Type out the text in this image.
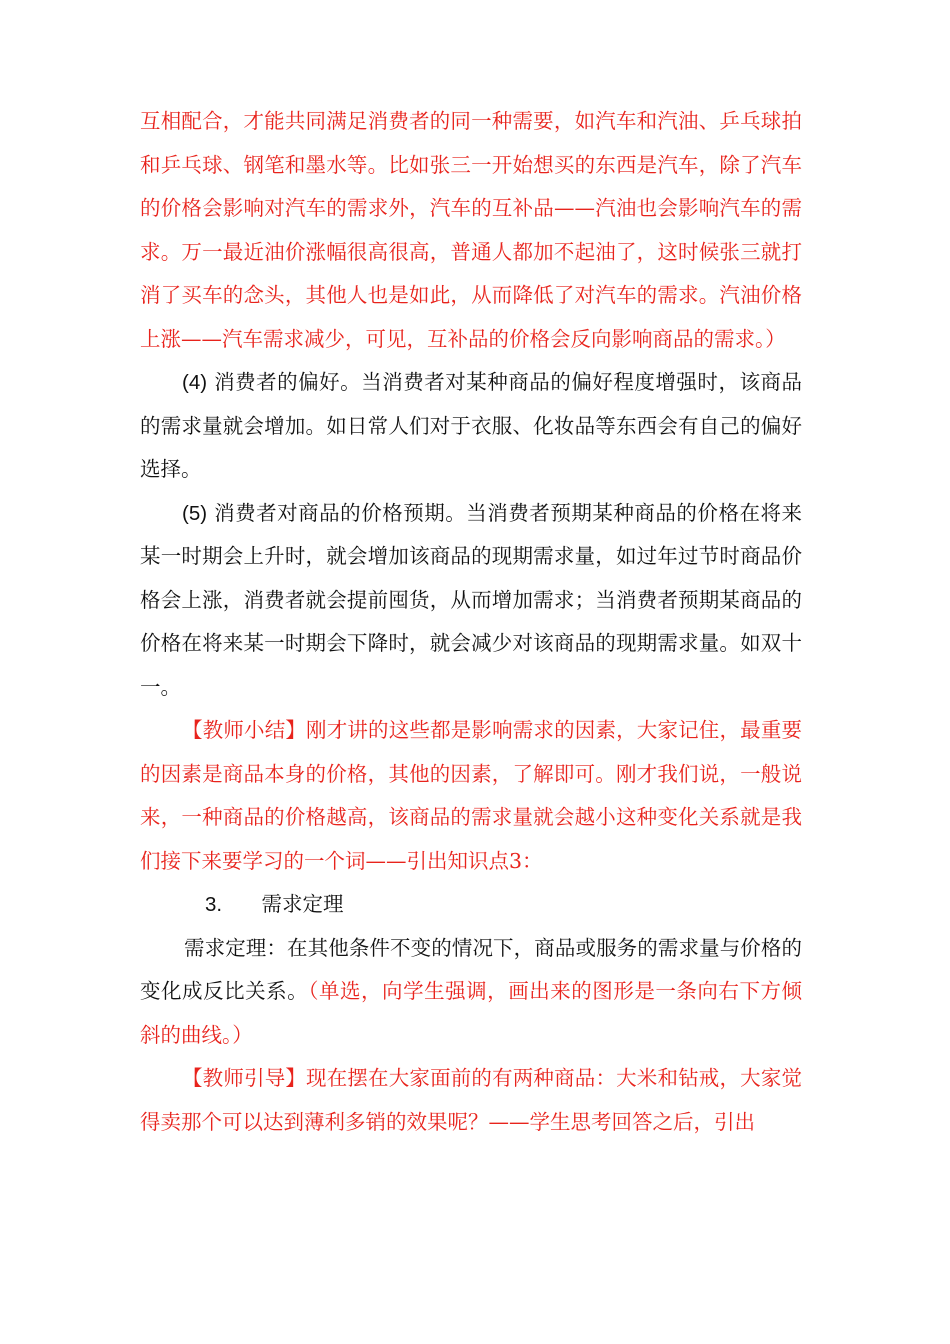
互相配合，才能共同满足消费者的同一种需要，如汽车和汽油、乒乓球拍和乒乓球、钢笔和墨水等。比如张三一开始想买的东西是汽车，除了汽车的价格会影响对汽车的需求外，汽车的互补品——汽油也会影响汽车的需求。万一最近油价涨幅很高很高，普通人都加不起油了，这时候张三就打消了买车的念头，其他人也是如此，从而降低了对汽车的需求。汽油价格上涨——汽车需求减少，可见，互补品的价格会反向影响商品的需求。）

(4) 消费者的偏好。当消费者对某种商品的偏好程度增强时，该商品的需求量就会增加。如日常人们对于衣服、化妆品等东西会有自己的偏好选择。

(5) 消费者对商品的价格预期。当消费者预期某种商品的价格在将来某一时期会上升时，就会增加该商品的现期需求量，如过年过节时商品价格会上涨，消费者就会提前囤货，从而增加需求；当消费者预期某商品的价格在将来某一时期会下降时，就会减少对该商品的现期需求量。如双十一。

【教师小结】刚才讲的这些都是影响需求的因素，大家记住，最重要的因素是商品本身的价格，其他的因素，了解即可。刚才我们说，一般说来，一种商品的价格越高，该商品的需求量就会越小这种变化关系就是我们接下来要学习的一个词——引出知识点3：

3. 需求定理

需求定理：在其他条件不变的情况下，商品或服务的需求量与价格的变化成反比关系。（单选，向学生强调，画出来的图形是一条向右下方倾斜的曲线。）

【教师引导】现在摆在大家面前的有两种商品：大米和钻戒，大家觉得卖那个可以达到薄利多销的效果呢？——学生思考回答之后，引出
